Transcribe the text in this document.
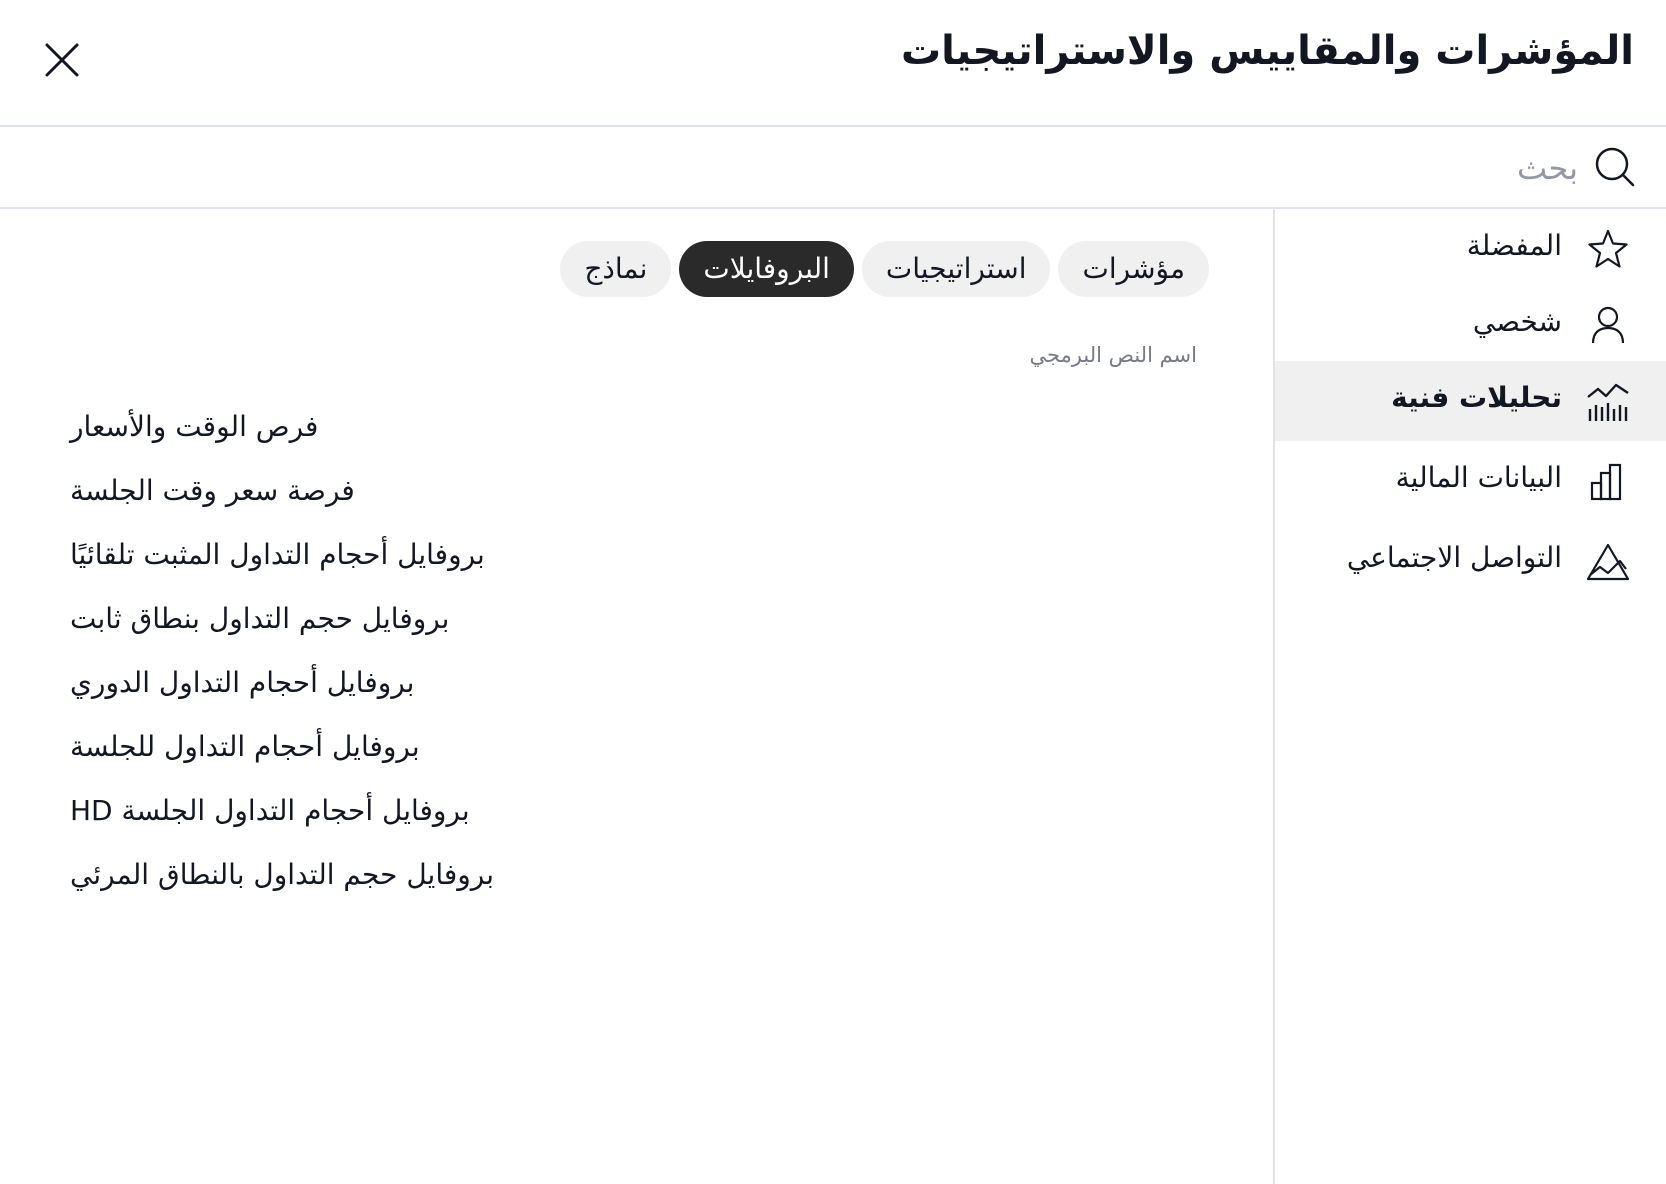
المؤشرات والمقاييس والاستراتيجيات
بحث
المفضلة
شخصي
تحليلات فنية
البيانات المالية
التواصل الاجتماعي
مؤشرات
استراتيجيات
البروفايلات
نماذج
اسم النص البرمجي
فرص الوقت والأسعار
فرصة سعر وقت الجلسة
بروفايل أحجام التداول المثبت تلقائيًا
بروفايل حجم التداول بنطاق ثابت
بروفايل أحجام التداول الدوري
بروفايل أحجام التداول للجلسة
بروفايل أحجام التداول الجلسة HD
بروفايل حجم التداول بالنطاق المرئي
